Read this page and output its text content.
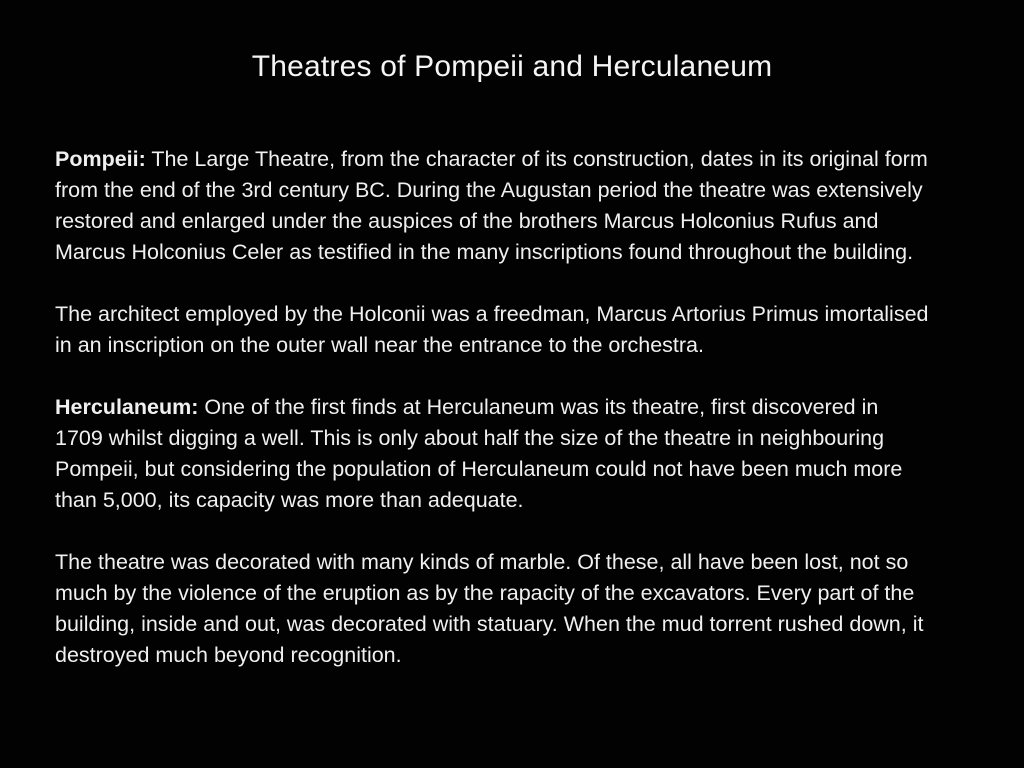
Theatres of Pompeii and Herculaneum

Pompeii: The Large Theatre, from the character of its construction, dates in its original form from the end of the 3rd century BC. During the Augustan period the theatre was extensively restored and enlarged under the auspices of the brothers Marcus Holconius Rufus and Marcus Holconius Celer as testified in the many inscriptions found throughout the building.

The architect employed by the Holconii was a freedman, Marcus Artorius Primus imortalised in an inscription on the outer wall near the entrance to the orchestra.

Herculaneum: One of the first finds at Herculaneum was its theatre, first discovered in 1709 whilst digging a well. This is only about half the size of the theatre in neighbouring Pompeii, but considering the population of Herculaneum could not have been much more than 5,000, its capacity was more than adequate.

The theatre was decorated with many kinds of marble. Of these, all have been lost, not so much by the violence of the eruption as by the rapacity of the excavators. Every part of the building, inside and out, was decorated with statuary. When the mud torrent rushed down, it destroyed much beyond recognition.
